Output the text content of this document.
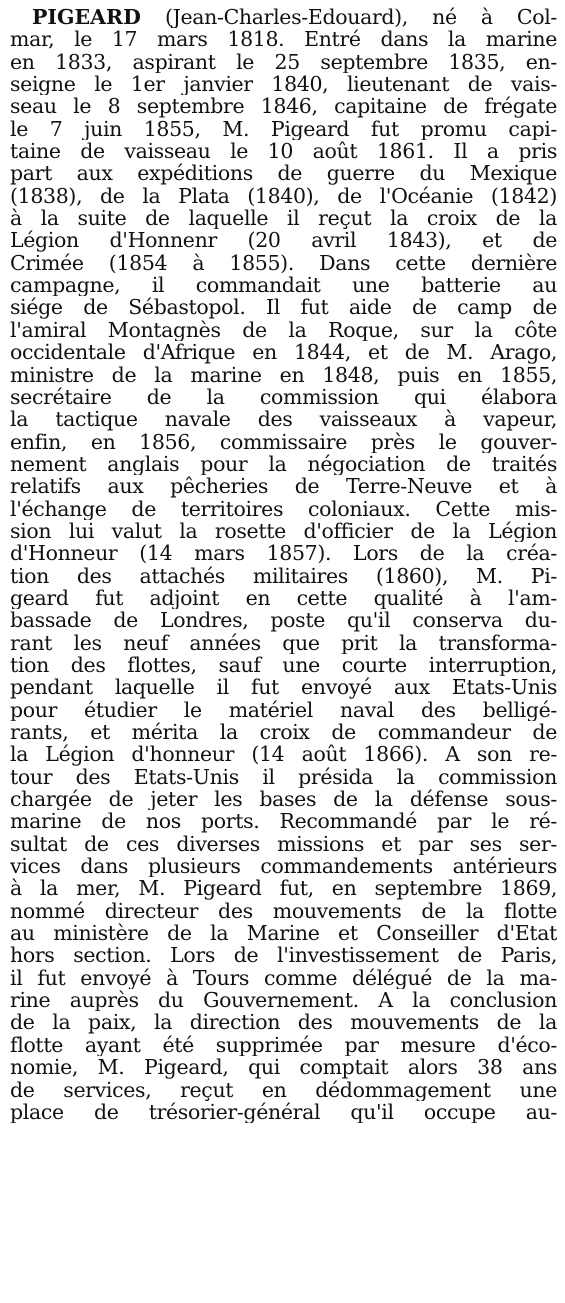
PIGEARD (Jean-Charles-Edouard), né à Col-
mar, le 17 mars 1818. Entré dans la marine
en 1833, aspirant le 25 septembre 1835, en-
seigne le 1er janvier 1840, lieutenant de vais-
seau le 8 septembre 1846, capitaine de frégate
le 7 juin 1855, M. Pigeard fut promu capi-
taine de vaisseau le 10 août 1861. Il a pris
part aux expéditions de guerre du Mexique
(1838), de la Plata (1840), de l'Océanie (1842)
à la suite de laquelle il reçut la croix de la
Légion d'Honnenr (20 avril 1843), et de
Crimée (1854 à 1855). Dans cette dernière
campagne, il commandait une batterie au
siége de Sébastopol. Il fut aide de camp de
l'amiral Montagnès de la Roque, sur la côte
occidentale d'Afrique en 1844, et de M. Arago,
ministre de la marine en 1848, puis en 1855,
secrétaire de la commission qui élabora
la tactique navale des vaisseaux à vapeur,
enfin, en 1856, commissaire près le gouver-
nement anglais pour la négociation de traités
relatifs aux pêcheries de Terre-Neuve et à
l'échange de territoires coloniaux. Cette mis-
sion lui valut la rosette d'officier de la Légion
d'Honneur (14 mars 1857). Lors de la créa-
tion des attachés militaires (1860), M. Pi-
geard fut adjoint en cette qualité à l'am-
bassade de Londres, poste qu'il conserva du-
rant les neuf années que prit la transforma-
tion des flottes, sauf une courte interruption,
pendant laquelle il fut envoyé aux Etats-Unis
pour étudier le matériel naval des belligé-
rants, et mérita la croix de commandeur de
la Légion d'honneur (14 août 1866). A son re-
tour des Etats-Unis il présida la commission
chargée de jeter les bases de la défense sous-
marine de nos ports. Recommandé par le ré-
sultat de ces diverses missions et par ses ser-
vices dans plusieurs commandements antérieurs
à la mer, M. Pigeard fut, en septembre 1869,
nommé directeur des mouvements de la flotte
au ministère de la Marine et Conseiller d'Etat
hors section. Lors de l'investissement de Paris,
il fut envoyé à Tours comme délégué de la ma-
rine auprès du Gouvernement. A la conclusion
de la paix, la direction des mouvements de la
flotte ayant été supprimée par mesure d'éco-
nomie, M. Pigeard, qui comptait alors 38 ans
de services, reçut en dédommagement une
place de trésorier-général qu'il occupe au-
